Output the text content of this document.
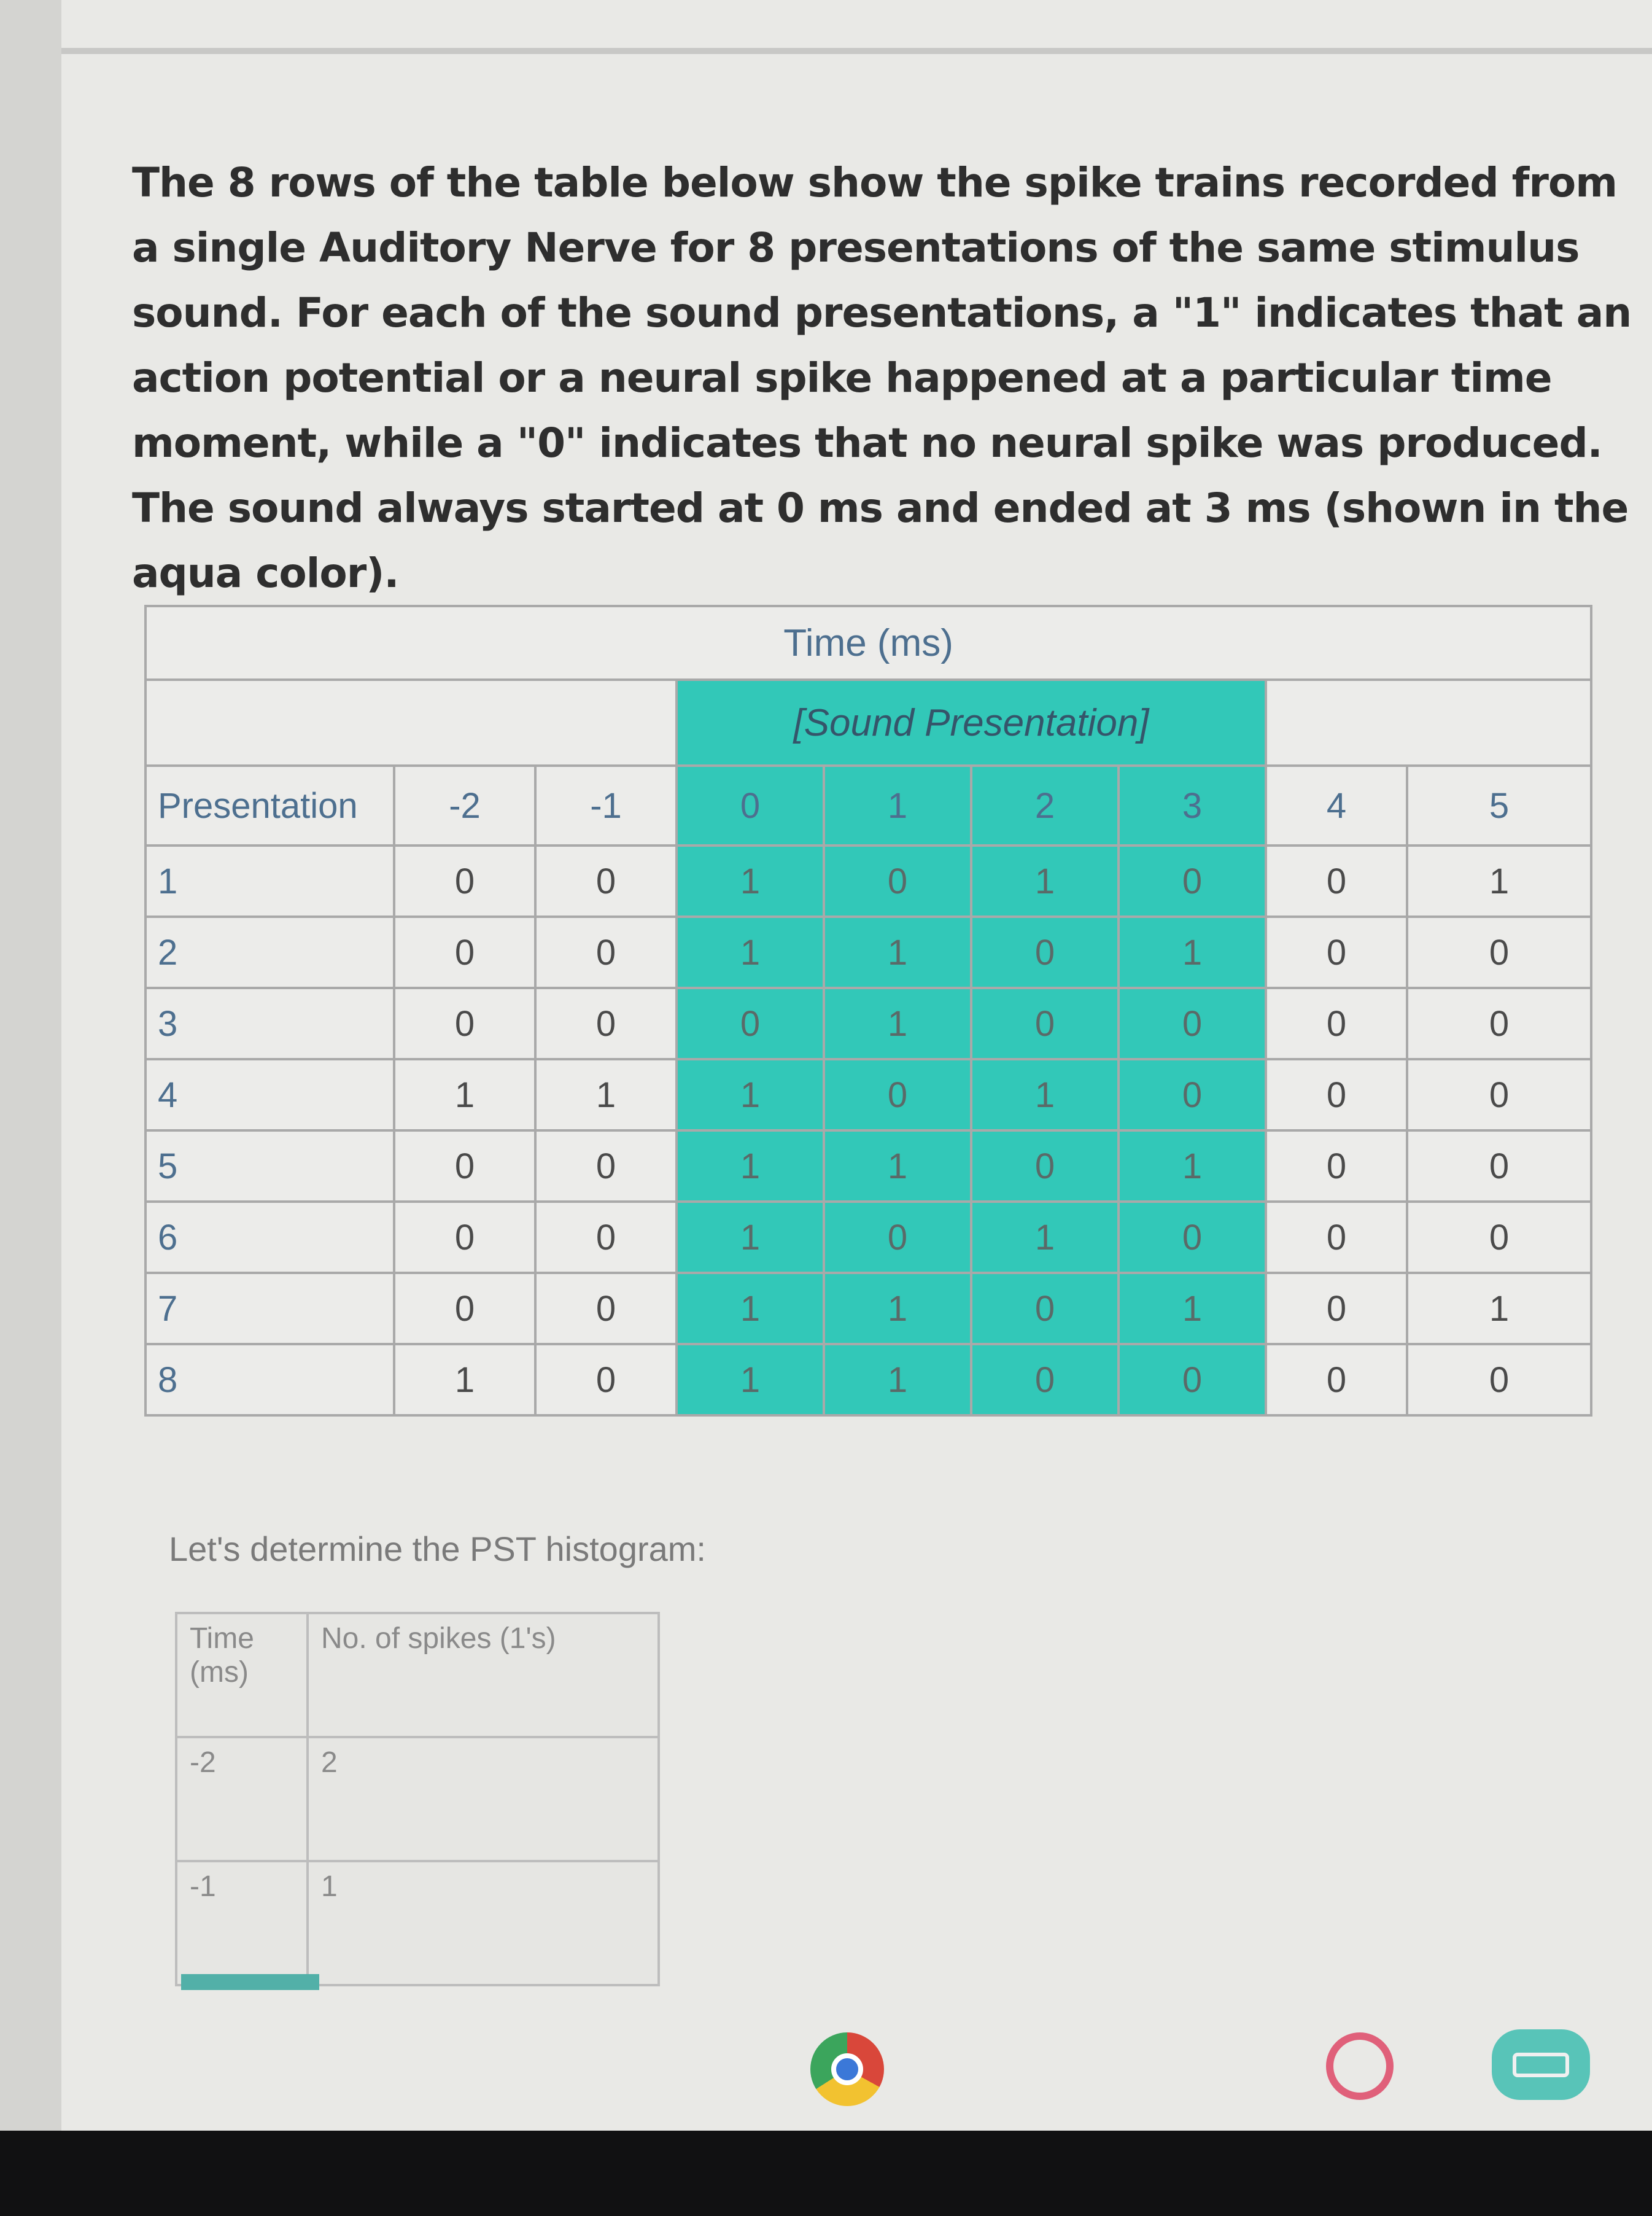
The 8 rows of the table below show the spike trains recorded from a single Auditory Nerve for 8 presentations of the same stimulus sound. For each of the sound presentations, a "1" indicates that an action potential or a neural spike happened at a particular time moment, while a "0" indicates that no neural spike was produced. The sound always started at 0 ms and ended at 3 ms (shown in the aqua color).

Time (ms)								
			[Sound Presentation]					
Presentation	-2	-1	0	1	2	3	4	5
1	0	0	1	0	1	0	0	1
2	0	0	1	1	0	1	0	0
3	0	0	0	1	0	0	0	0
4	1	1	1	0	1	0	0	0
5	0	0	1	1	0	1	0	0
6	0	0	1	0	1	0	0	0
7	0	0	1	1	0	1	0	1
8	1	0	1	1	0	0	0	0

Let's determine the PST histogram:

Time (ms)	No. of spikes (1's)
-2	2
-1	1
